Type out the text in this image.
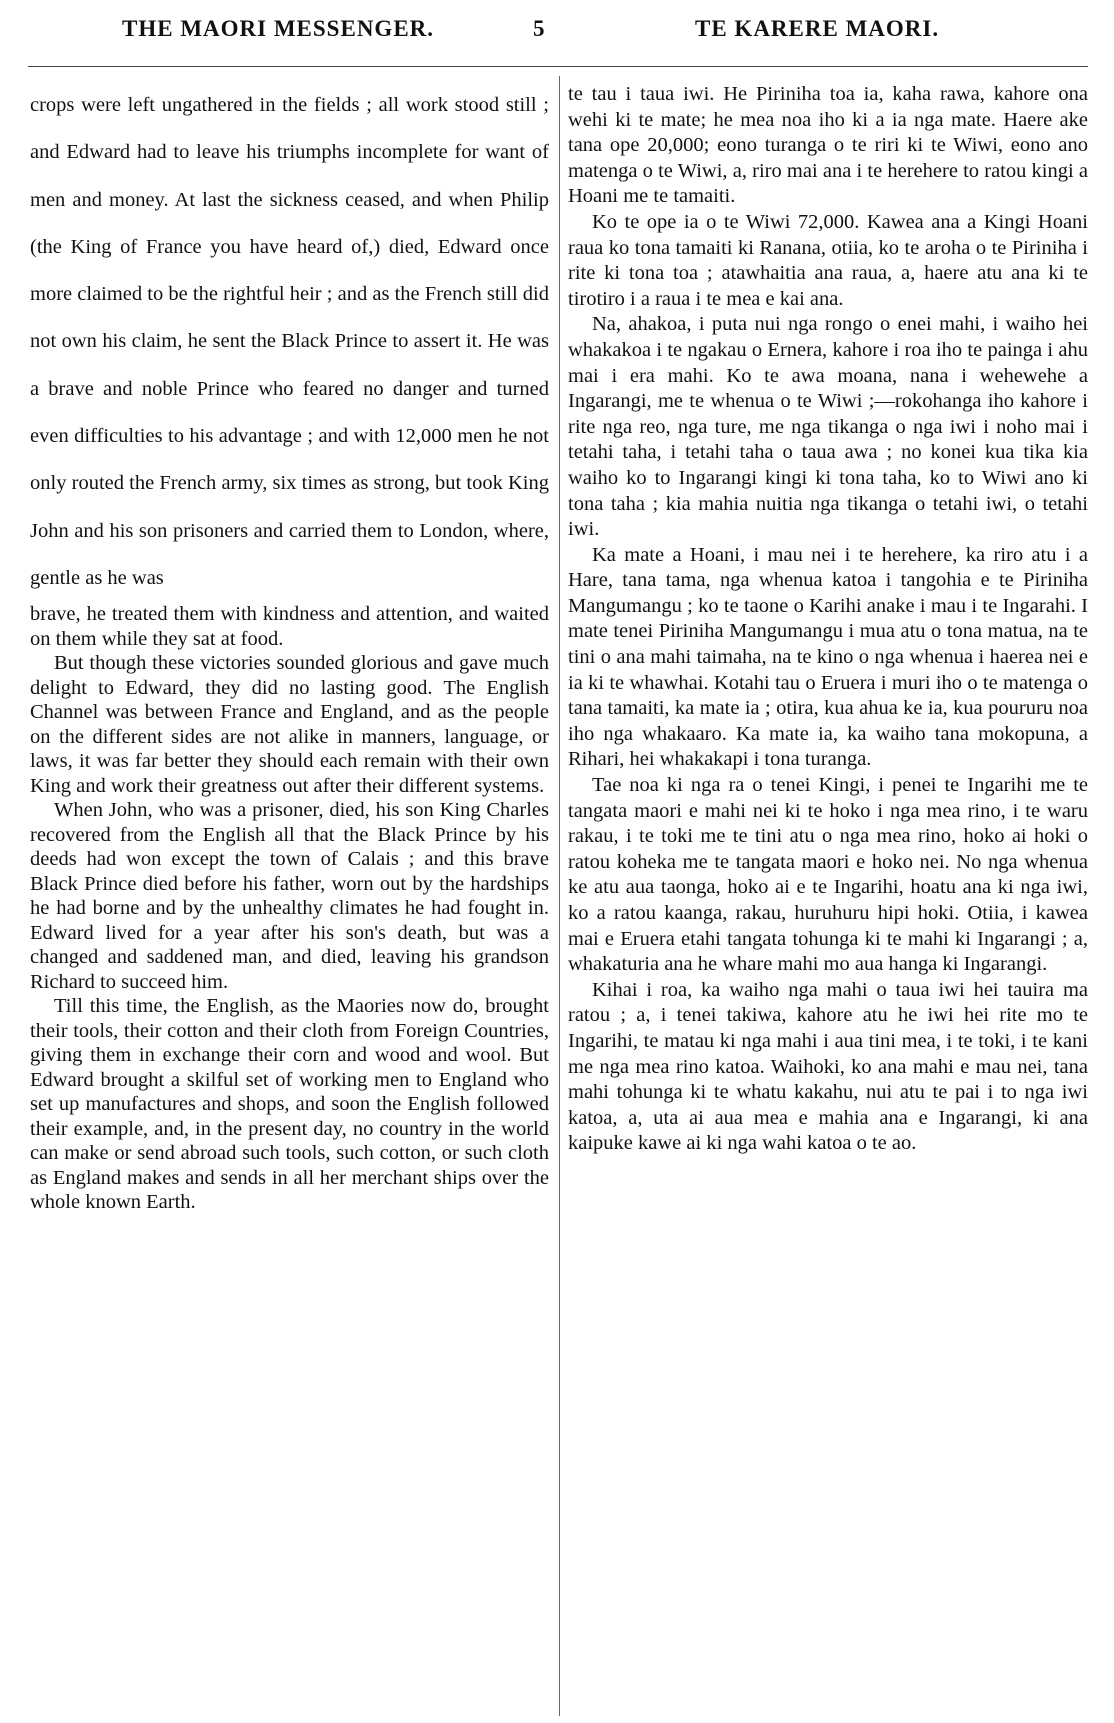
THE MAORI MESSENGER.	5	TE KARERE MAORI.

crops were left ungathered in the fields ; all work stood still ; and Edward had to leave his triumphs incomplete for want of men and money. At last the sickness ceased, and when Philip (the King of France you have heard of,) died, Edward once more claimed to be the rightful heir ; and as the French still did not own his claim, he sent the Black Prince to assert it. He was a brave and noble Prince who feared no danger and turned even difficulties to his advantage ; and with 12,000 men he not only routed the French army, six times as strong, but took King John and his son prisoners and carried them to London, where, gentle as he was

brave, he treated them with kindness and attention, and waited on them while they sat at food.

But though these victories sounded glorious and gave much delight to Edward, they did no lasting good. The English Channel was between France and England, and as the people on the different sides are not alike in manners, language, or laws, it was far better they should each remain with their own King and work their greatness out after their different systems.

When John, who was a prisoner, died, his son King Charles recovered from the English all that the Black Prince by his deeds had won except the town of Calais ; and this brave Black Prince died before his father, worn out by the hardships he had borne and by the unhealthy climates he had fought in. Edward lived for a year after his son's death, but was a changed and saddened man, and died, leaving his grandson Richard to succeed him.

Till this time, the English, as the Maories now do, brought their tools, their cotton and their cloth from Foreign Countries, giving them in exchange their corn and wood and wool. But Edward brought a skilful set of working men to England who set up manufactures and shops, and soon the English followed their example, and, in the present day, no country in the world can make or send abroad such tools, such cotton, or such cloth as England makes and sends in all her merchant ships over the whole known Earth.

te tau i taua iwi. He Piriniha toa ia, kaha rawa, kahore ona wehi ki te mate; he mea noa iho ki a ia nga mate. Haere ake tana ope 20,000; eono turanga o te riri ki te Wiwi, eono ano matenga o te Wiwi, a, riro mai ana i te herehere to ratou kingi a Hoani me te tamaiti.

Ko te ope ia o te Wiwi 72,000. Kawea ana a Kingi Hoani raua ko tona tamaiti ki Ranana, otiia, ko te aroha o te Piriniha i rite ki tona toa ; atawhaitia ana raua, a, haere atu ana ki te tirotiro i a raua i te mea e kai ana.

Na, ahakoa, i puta nui nga rongo o enei mahi, i waiho hei whakakoa i te ngakau o Ernera, kahore i roa iho te painga i ahu mai i era mahi. Ko te awa moana, nana i wehewehe a Ingarangi, me te whenua o te Wiwi ;—rokohanga iho kahore i rite nga reo, nga ture, me nga tikanga o nga iwi i noho mai i tetahi taha, i tetahi taha o taua awa ; no konei kua tika kia waiho ko to Ingarangi kingi ki tona taha, ko to Wiwi ano ki tona taha ; kia mahia nuitia nga tikanga o tetahi iwi, o tetahi iwi.

Ka mate a Hoani, i mau nei i te herehere, ka riro atu i a Hare, tana tama, nga whenua katoa i tangohia e te Piriniha Mangumangu ; ko te taone o Karihi anake i mau i te Ingarahi. I mate tenei Piriniha Mangumangu i mua atu o tona matua, na te tini o ana mahi taimaha, na te kino o nga whenua i haerea nei e ia ki te whawhai. Kotahi tau o Eruera i muri iho o te matenga o tana tamaiti, ka mate ia ; otira, kua ahua ke ia, kua poururu noa iho nga whakaaro. Ka mate ia, ka waiho tana mokopuna, a Rihari, hei whakakapi i tona turanga.

Tae noa ki nga ra o tenei Kingi, i penei te Ingarihi me te tangata maori e mahi nei ki te hoko i nga mea rino, i te waru rakau, i te toki me te tini atu o nga mea rino, hoko ai hoki o ratou koheka me te tangata maori e hoko nei. No nga whenua ke atu aua taonga, hoko ai e te Ingarihi, hoatu ana ki nga iwi, ko a ratou kaanga, rakau, huruhuru hipi hoki. Otiia, i kawea mai e Eruera etahi tangata tohunga ki te mahi ki Ingarangi ; a, whakaturia ana he whare mahi mo aua hanga ki Ingarangi.

Kihai i roa, ka waiho nga mahi o taua iwi hei tauira ma ratou ; a, i tenei takiwa, kahore atu he iwi hei rite mo te Ingarihi, te matau ki nga mahi i aua tini mea, i te toki, i te kani me nga mea rino katoa. Waihoki, ko ana mahi e mau nei, tana mahi tohunga ki te whatu kakahu, nui atu te pai i to nga iwi katoa, a, uta ai aua mea e mahia ana e Ingarangi, ki ana kaipuke kawe ai ki nga wahi katoa o te ao.
